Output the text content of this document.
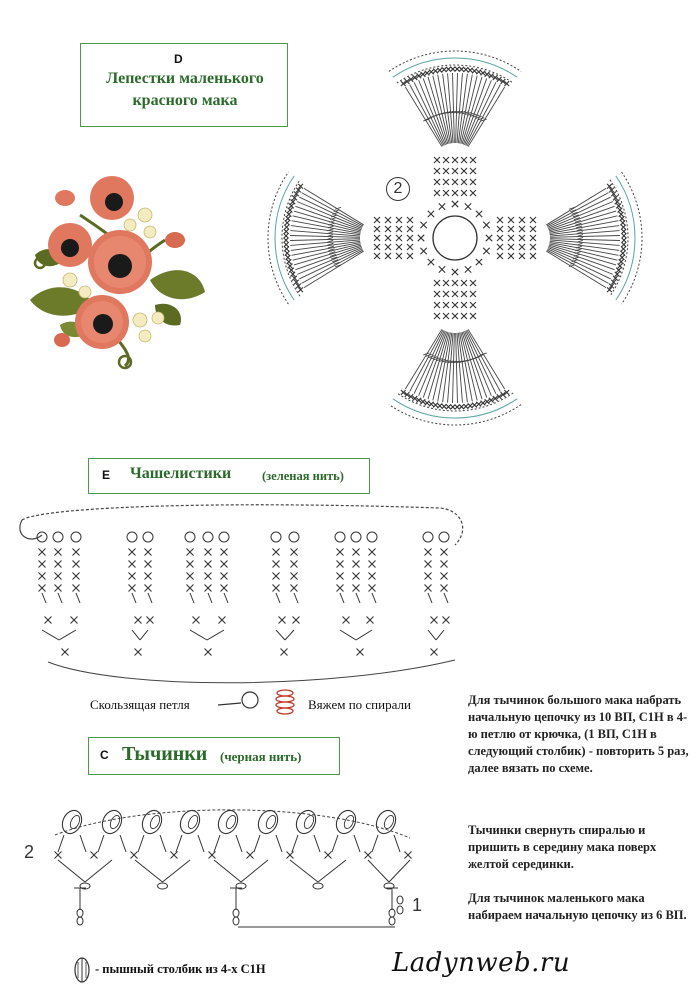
D
Лепестки маленького
красного мака
2
E Чашелистики (зеленая нить)
Скользящая петля	Вяжем по спирали	Для тычинок большого мака набрать начальную цепочку из 10 ВП, С1Н в 4-ю петлю от крючка, (1 ВП, С1Н в следующий столбик) - повторить 5 раз, далее вязать по схеме.
Тычинки свернуть спиралью и пришить в середину мака поверх желтой серединки.
Для тычинок маленького мака набираем начальную цепочку из 6 ВП.
C Тычинки (черная нить)
2
1
- пышный столбик из 4-х С1Н	Ladynweb.ru
